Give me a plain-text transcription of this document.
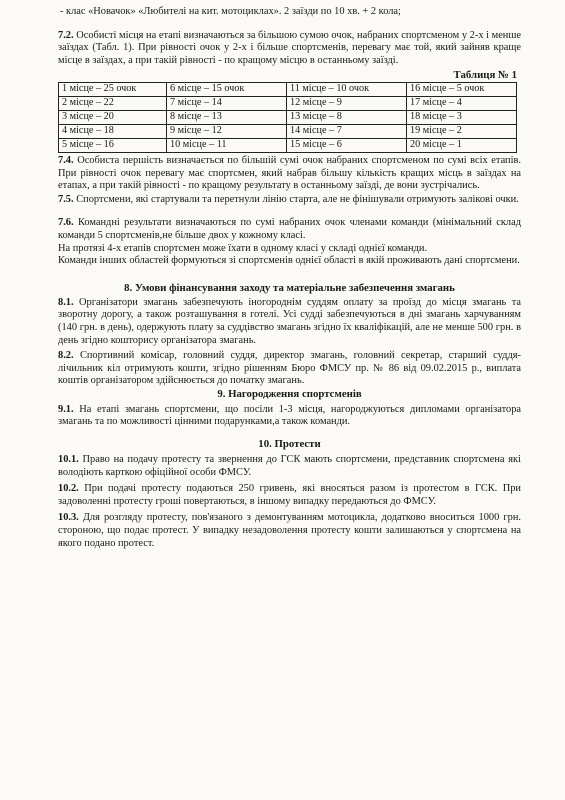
- клас «Новачок» «Любителі на кит. мотоциклах». 2 заїзди по 10 хв. + 2 кола;

7.2. Особисті місця на етапі визначаються за більшою сумою очок, набраних спортсменом у 2-х і менше заїздах (Табл. 1). При рівності очок у 2-х і більше спортсменів, перевагу має той, який зайняв краще місце в заїздах, а при такій рівності - по кращому місцю в останньому заїзді.

Таблиця № 1
1 місце – 25 очок	6 місце – 15 очок	11 місце – 10 очок	16 місце – 5 очок
2 місце – 22	7 місце – 14	12 місце – 9	17 місце – 4
3 місце – 20	8 місце – 13	13 місце – 8	18 місце – 3
4 місце – 18	9 місце – 12	14 місце – 7	19 місце – 2
5 місце – 16	10 місце – 11	15 місце – 6	20 місце – 1

7.4. Особиста першість визначається по більшій сумі очок набраних спортсменом по сумі всіх етапів. При рівності очок перевагу має спортсмен, який набрав більшу кількість кращих місць в заїздах на етапах, а при такій рівності - по кращому результату в останньому заїзді, де вони зустрічались.

7.5. Спортсмени, які стартували та перетнули лінію старта, але не фінішували отримують залікові очки.

7.6. Командні результати визначаються по сумі набраних очок членами команди (мінімальний склад команди 5 спортсменів,не більше двох у кожному класі.

На протязі 4-х етапів спортсмен може їхати в одному класі у складі однієї команди.

Команди інших областей формуються зі спортсменів однієї області в якій проживають дані спортсмени.

8. Умови фінансування заходу та матеріальне забезпечення змагань

8.1. Організатори змагань забезпечують іногороднім суддям оплату за проїзд до місця змагань та зворотну дорогу, а також розташування в готелі. Усі судді забезпечуються в дні змагань харчуванням (140 грн. в день), одержують плату за суддівство змагань згідно їх кваліфікацій, але не менше 500 грн. в день згідно кошторису організатора змагань.

8.2. Спортивний комісар, головний суддя, директор змагань, головний секретар, старший суддя-лічильник кіл отримують кошти, згідно рішенням Бюро ФМСУ пр. № 86 від 09.02.2015 р., виплата коштів організатором здійснюється до початку змагань.

9. Нагородження спортсменів

9.1. На етапі змагань спортсмени, що посіли 1-3 місця, нагороджуються дипломами організатора змагань та по можливості цінними подарунками,а також команди.

10. Протести

10.1. Право на подачу протесту та звернення до ГСК мають спортсмени, представник спортсмена які володіють карткою офіційної особи ФМСУ.

10.2. При подачі протесту подаються 250 гривень, які вносяться разом із протестом в ГСК. При задоволенні протесту гроші повертаються, в іншому випадку передаються до ФМСУ.

10.3. Для розгляду протесту, пов'язаного з демонтуванням мотоцикла, додатково вноситься 1000 грн. стороною, що подає протест. У випадку незадоволення протесту кошти залишаються у спортсмена на якого подано протест.
